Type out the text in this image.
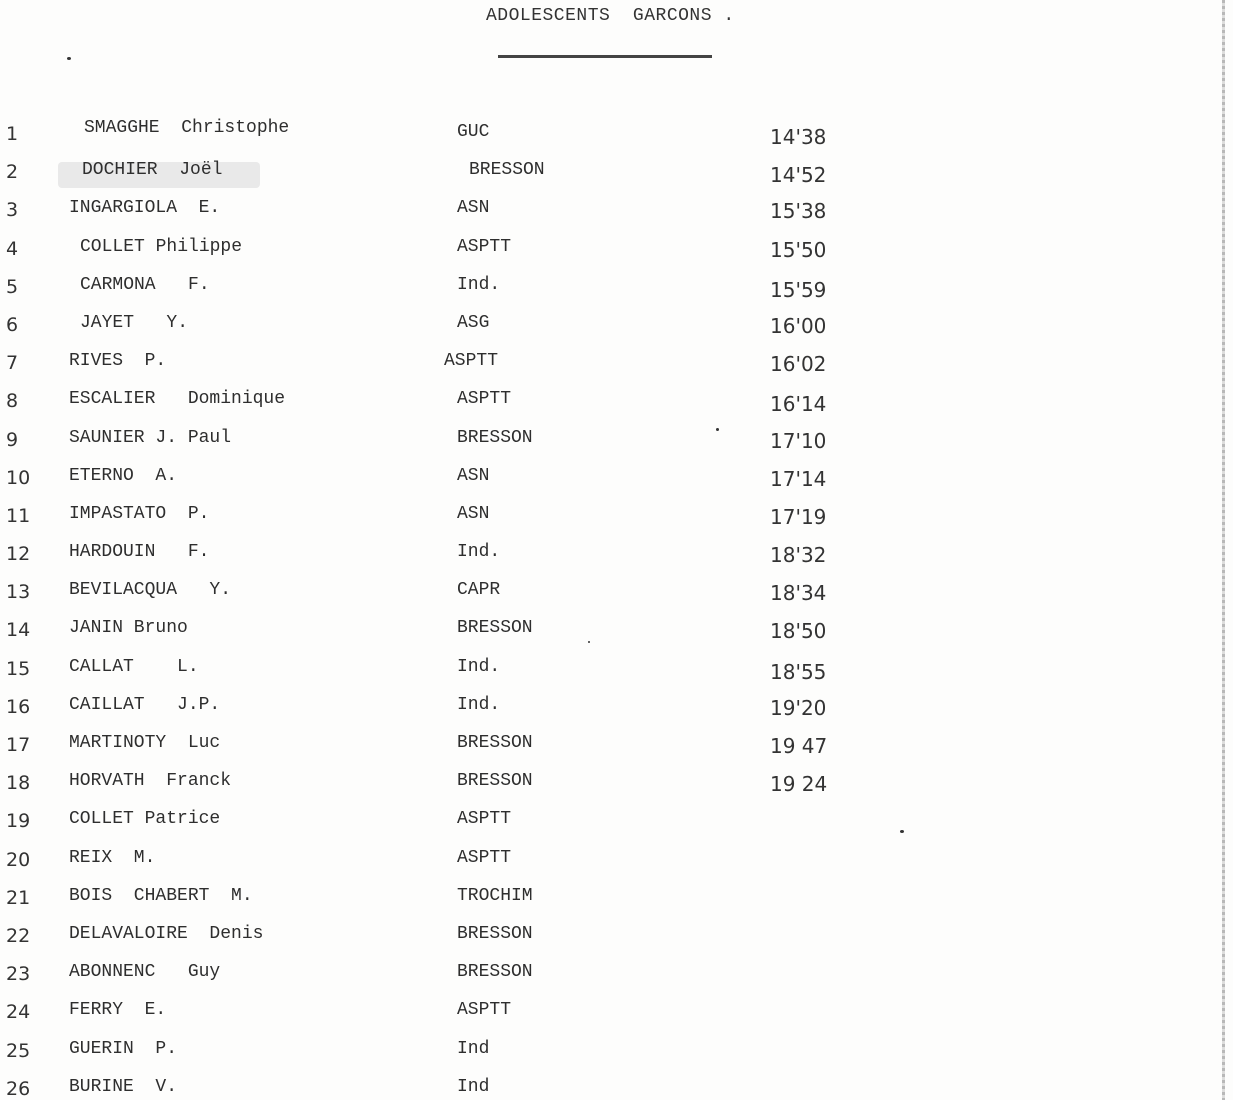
ADOLESCENTS  GARCONS .
1	SMAGGHE  Christophe	GUC	14'38
2	DOCHIER  Joël	BRESSON	14'52
3	INGARGIOLA  E.	ASN	15'38
4	COLLET Philippe	ASPTT	15'50
5	CARMONA   F.	Ind.	15'59
6	JAYET   Y.	ASG	16'00
7	RIVES  P.	ASPTT	16'02
8	ESCALIER   Dominique	ASPTT	16'14
9	SAUNIER J. Paul	BRESSON	17'10
10 ETERNO  A.	ASN	17'14
11 IMPASTATO  P.	ASN	17'19
12 HARDOUIN   F.	Ind.	18'32
13 BEVILACQUA   Y.	CAPR	18'34
14 JANIN Bruno	BRESSON	18'50
15 CALLAT    L.	Ind.	18'55
16 CAILLAT   J.P.	Ind.	19'20
17 MARTINOTY  Luc	BRESSON	19 47
18 HORVATH  Franck	BRESSON	19 24
19 COLLET Patrice	ASPTT
20 REIX  M.	ASPTT
21 BOIS  CHABERT  M.	TROCHIM
22 DELAVALOIRE  Denis	BRESSON
23 ABONNENC   Guy	BRESSON
24 FERRY  E.	ASPTT
25 GUERIN  P.	Ind
26 BURINE  V.	Ind
